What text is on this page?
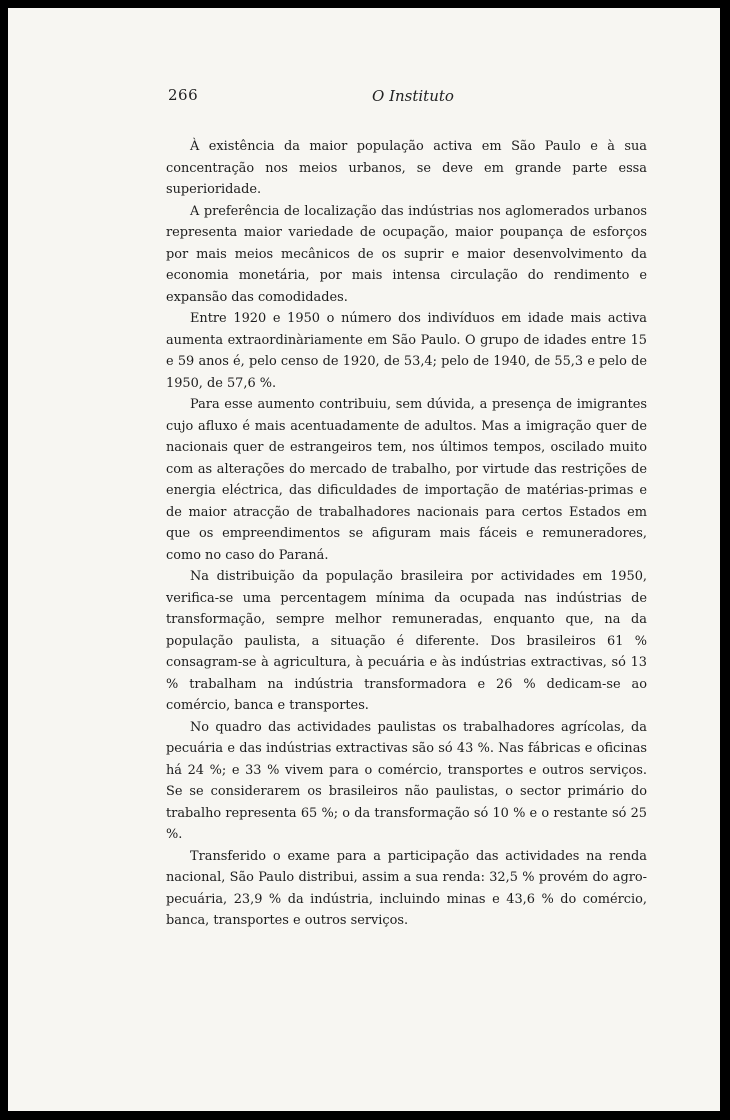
266	O Instituto

À existência da maior população activa em São Paulo e à sua concentração nos meios urbanos, se deve em grande parte essa superioridade.

A preferência de localização das indústrias nos aglomerados urbanos representa maior variedade de ocupação, maior poupança de esforços por mais meios mecânicos de os suprir e maior desenvolvimento da economia monetária, por mais intensa circulação do rendimento e expansão das comodidades.

Entre 1920 e 1950 o número dos indivíduos em idade mais activa aumenta extraordinàriamente em São Paulo. O grupo de idades entre 15 e 59 anos é, pelo censo de 1920, de 53,4; pelo de 1940, de 55,3 e pelo de 1950, de 57,6 %.

Para esse aumento contribuiu, sem dúvida, a presença de imigrantes cujo afluxo é mais acentuadamente de adultos. Mas a imigração quer de nacionais quer de estrangeiros tem, nos últimos tempos, oscilado muito com as alterações do mercado de trabalho, por virtude das restrições de energia eléctrica, das dificuldades de importação de matérias-primas e de maior atracção de trabalhadores nacionais para certos Estados em que os empreendimentos se afiguram mais fáceis e remuneradores, como no caso do Paraná.

Na distribuição da população brasileira por actividades em 1950, verifica-se uma percentagem mínima da ocupada nas indústrias de transformação, sempre melhor remuneradas, enquanto que, na da população paulista, a situação é diferente. Dos brasileiros 61 % consagram-se à agricultura, à pecuária e às indústrias extractivas, só 13 % trabalham na indústria transformadora e 26 % dedicam-se ao comércio, banca e transportes.

No quadro das actividades paulistas os trabalhadores agrícolas, da pecuária e das indústrias extractivas são só 43 %. Nas fábricas e oficinas há 24 %; e 33 % vivem para o comércio, transportes e outros serviços. Se se considerarem os brasileiros não paulistas, o sector primário do trabalho representa 65 %; o da transformação só 10 % e o restante só 25 %.

Transferido o exame para a participação das actividades na renda nacional, São Paulo distribui, assim a sua renda: 32,5 % provém do agro-pecuária, 23,9 % da indústria, incluindo minas e 43,6 % do comércio, banca, transportes e outros serviços.
